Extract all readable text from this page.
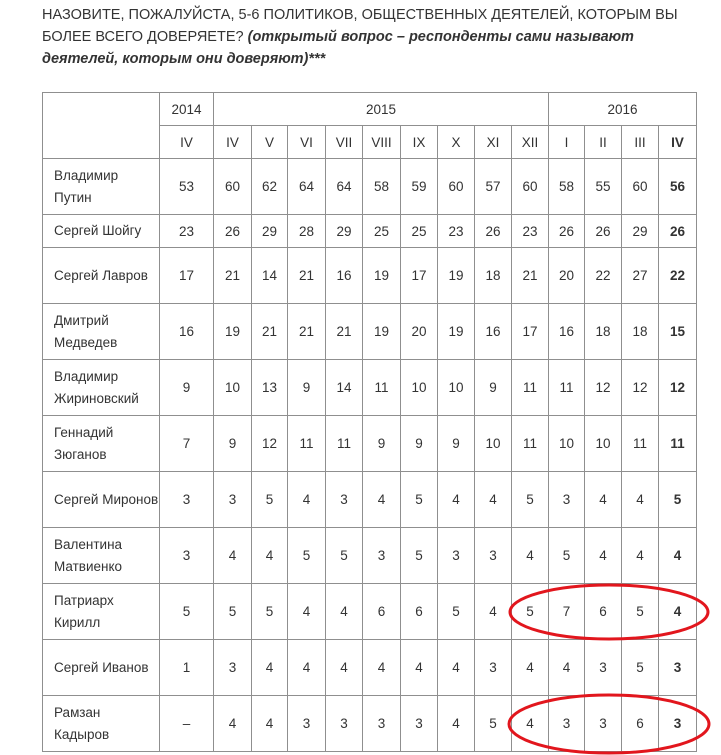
НАЗОВИТЕ, ПОЖАЛУЙСТА, 5-6 ПОЛИТИКОВ, ОБЩЕСТВЕННЫХ ДЕЯТЕЛЕЙ, КОТОРЫМ ВЫ БОЛЕЕ ВСЕГО ДОВЕРЯЕТЕ? (открытый вопрос – респонденты сами называют деятелей, которым они доверяют)***
	2014	2015									2016			
	IV	IV	V	VI	VII	VIII	IX	X	XI	XII	I	II	III	IV
Владимир Путин	53	60	62	64	64	58	59	60	57	60	58	55	60	56
Сергей Шойгу	23	26	29	28	29	25	25	23	26	23	26	26	29	26
Сергей Лавров	17	21	14	21	16	19	17	19	18	21	20	22	27	22
Дмитрий Медведев	16	19	21	21	21	19	20	19	16	17	16	18	18	15
Владимир Жириновский	9	10	13	9	14	11	10	10	9	11	11	12	12	12
Геннадий Зюганов	7	9	12	11	11	9	9	9	10	11	10	10	11	11
Сергей Миронов	3	3	5	4	3	4	5	4	4	5	3	4	4	5
Валентина Матвиенко	3	4	4	5	5	3	5	3	3	4	5	4	4	4
Патриарх Кирилл	5	5	5	4	4	6	6	5	4	5	7	6	5	4
Сергей Иванов	1	3	4	4	4	4	4	4	3	4	4	3	5	3
Рамзан Кадыров	–	4	4	3	3	3	3	4	5	4	3	3	6	3
